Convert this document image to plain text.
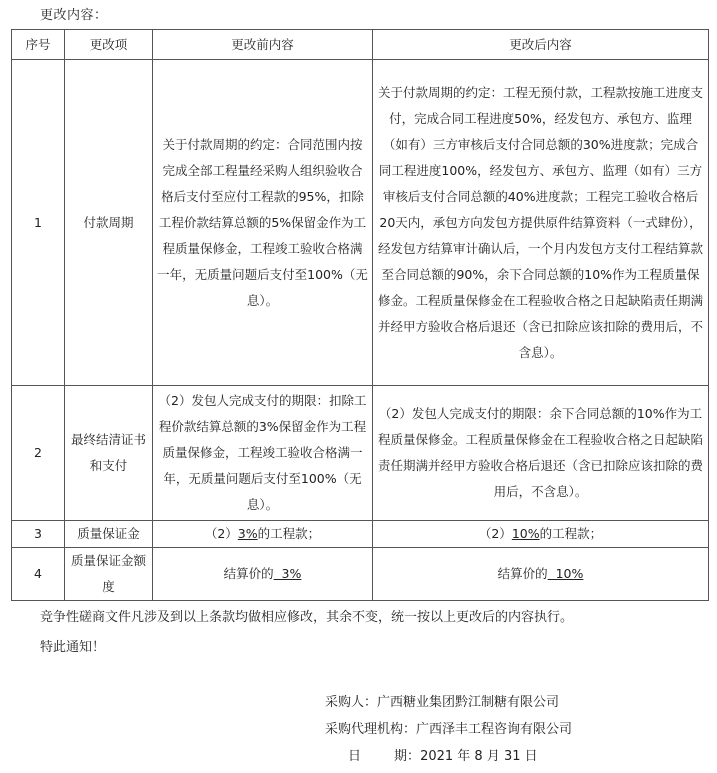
更改内容：
序号	更改项	更改前内容	更改后内容
1	付款周期	关于付款周期的约定：合同范围内按完成全部工程量经采购人组织验收合格后支付至应付工程款的95%，扣除工程价款结算总额的5%保留金作为工程质量保修金，工程竣工验收合格满一年，无质量问题后支付至100%（无息）。	关于付款周期的约定：工程无预付款，工程款按施工进度支付，完成合同工程进度50%，经发包方、承包方、监理（如有）三方审核后支付合同总额的30%进度款；完成合同工程进度100%，经发包方、承包方、监理（如有）三方审核后支付合同总额的40%进度款；工程完工验收合格后20天内，承包方向发包方提供原件结算资料（一式肆份），经发包方结算审计确认后，一个月内发包方支付工程结算款至合同总额的90%，余下合同总额的10%作为工程质量保修金。工程质量保修金在工程验收合格之日起缺陷责任期满并经甲方验收合格后退还（含已扣除应该扣除的费用后，不含息）。
2	最终结清证书和支付	（2）发包人完成支付的期限：扣除工程价款结算总额的3%保留金作为工程质量保修金，工程竣工验收合格满一年，无质量问题后支付至100%（无息）。	（2）发包人完成支付的期限：余下合同总额的10%作为工程质量保修金。工程质量保修金在工程验收合格之日起缺陷责任期满并经甲方验收合格后退还（含已扣除应该扣除的费用后，不含息）。
3	质量保证金	（2）3%的工程款；	（2）10%的工程款；
4	质量保证金额度	结算价的  3%	结算价的  10%
竞争性磋商文件凡涉及到以上条款均做相应修改，其余不变，统一按以上更改后的内容执行。
特此通知！
采购人：广西糖业集团黔江制糖有限公司
采购代理机构：广西泽丰工程咨询有限公司
日        期：2021 年 8 月 31 日
